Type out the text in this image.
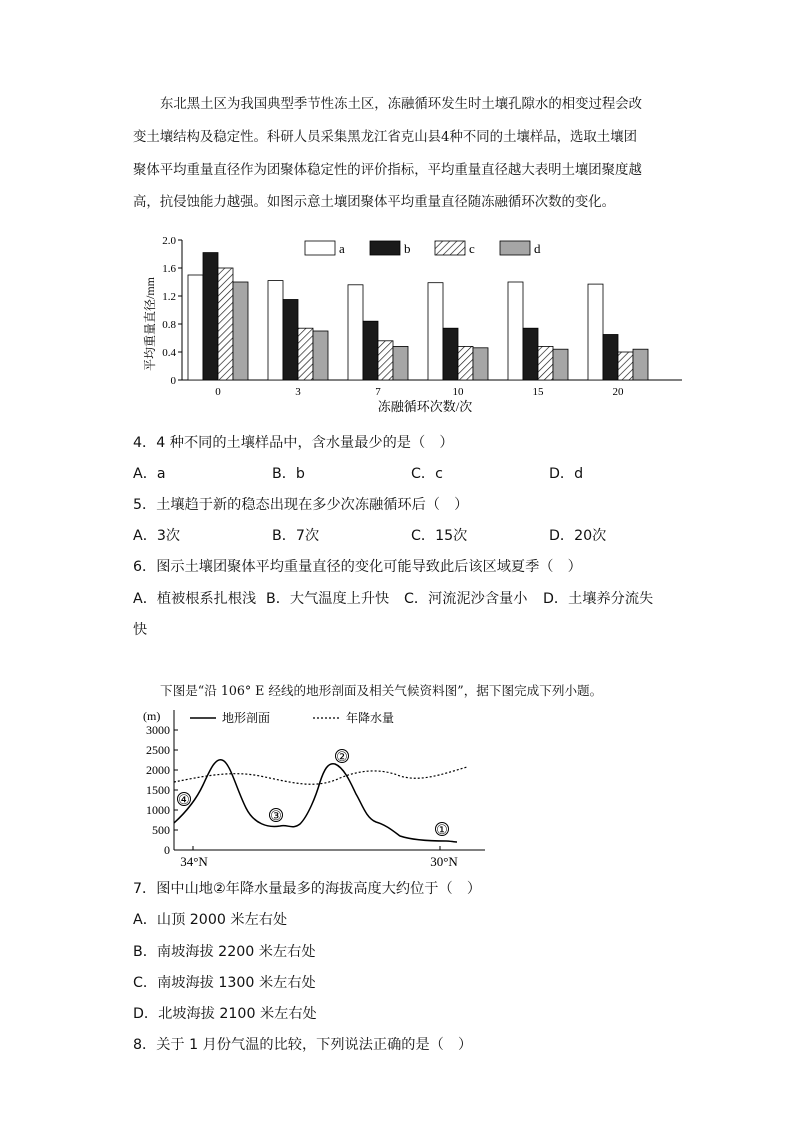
东北黑土区为我国典型季节性冻土区，冻融循环发生时土壤孔隙水的相变过程会改

变土壤结构及稳定性。科研人员采集黑龙江省克山县4种不同的土壤样品，选取土壤团

聚体平均重量直径作为团聚体稳定性的评价指标，平均重量直径越大表明土壤团聚度越

高，抗侵蚀能力越强。如图示意土壤团聚体平均重量直径随冻融循环次数的变化。

平均重量直径/mm
0
0.4
0.8
1.2
1.6
2.0
0	3	7	10	15	20
a	b	c	d
冻融循环次数/次

4．4 种不同的土壤样品中，含水量最少的是（　）

A．a	B．b	C．c	D．d

5．土壤趋于新的稳态出现在多少次冻融循环后（　）

A．3次	B．7次	C．15次	D．20次

6．图示土壤团聚体平均重量直径的变化可能导致此后该区域夏季（　）

A．植被根系扎根浅 B．大气温度上升快 C．河流泥沙含量小 D．土壤养分流失

快

下图是“沿 106° E 经线的地形剖面及相关气候资料图”，据下图完成下列小题。

(m)
0
500
1000
1500
2000
2500
3000
地形剖面	年降水量
①
②
③
④
34°N	30°N

7．图中山地②年降水量最多的海拔高度大约位于（　）

A．山顶 2000 米左右处

B．南坡海拔 2200 米左右处

C．南坡海拔 1300 米左右处

D．北坡海拔 2100 米左右处

8．关于 1 月份气温的比较，下列说法正确的是（　）
